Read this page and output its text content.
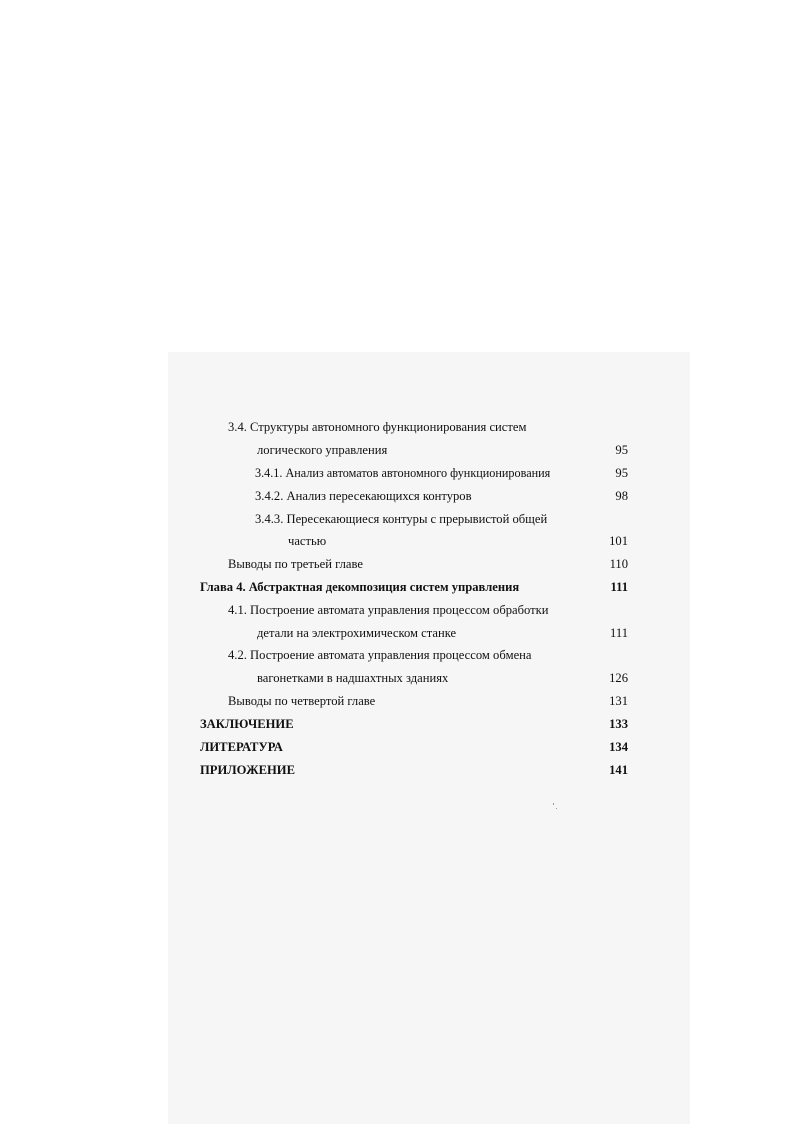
3.4. Структуры автономного функционирования систем
логического управления	95
3.4.1. Анализ автоматов автономного функционирования	95
3.4.2. Анализ пересекающихся контуров	98
3.4.3. Пересекающиеся контуры с прерывистой общей
частью	101
Выводы по третьей главе	110
Глава 4. Абстрактная декомпозиция систем управления	111
4.1. Построение автомата управления процессом обработки
детали на электрохимическом станке	111
4.2. Построение автомата управления процессом обмена
вагонетками в надшахтных зданиях	126
Выводы по четвертой главе	131
ЗАКЛЮЧЕНИЕ	133
ЛИТЕРАТУРА	134
ПРИЛОЖЕНИЕ	141
